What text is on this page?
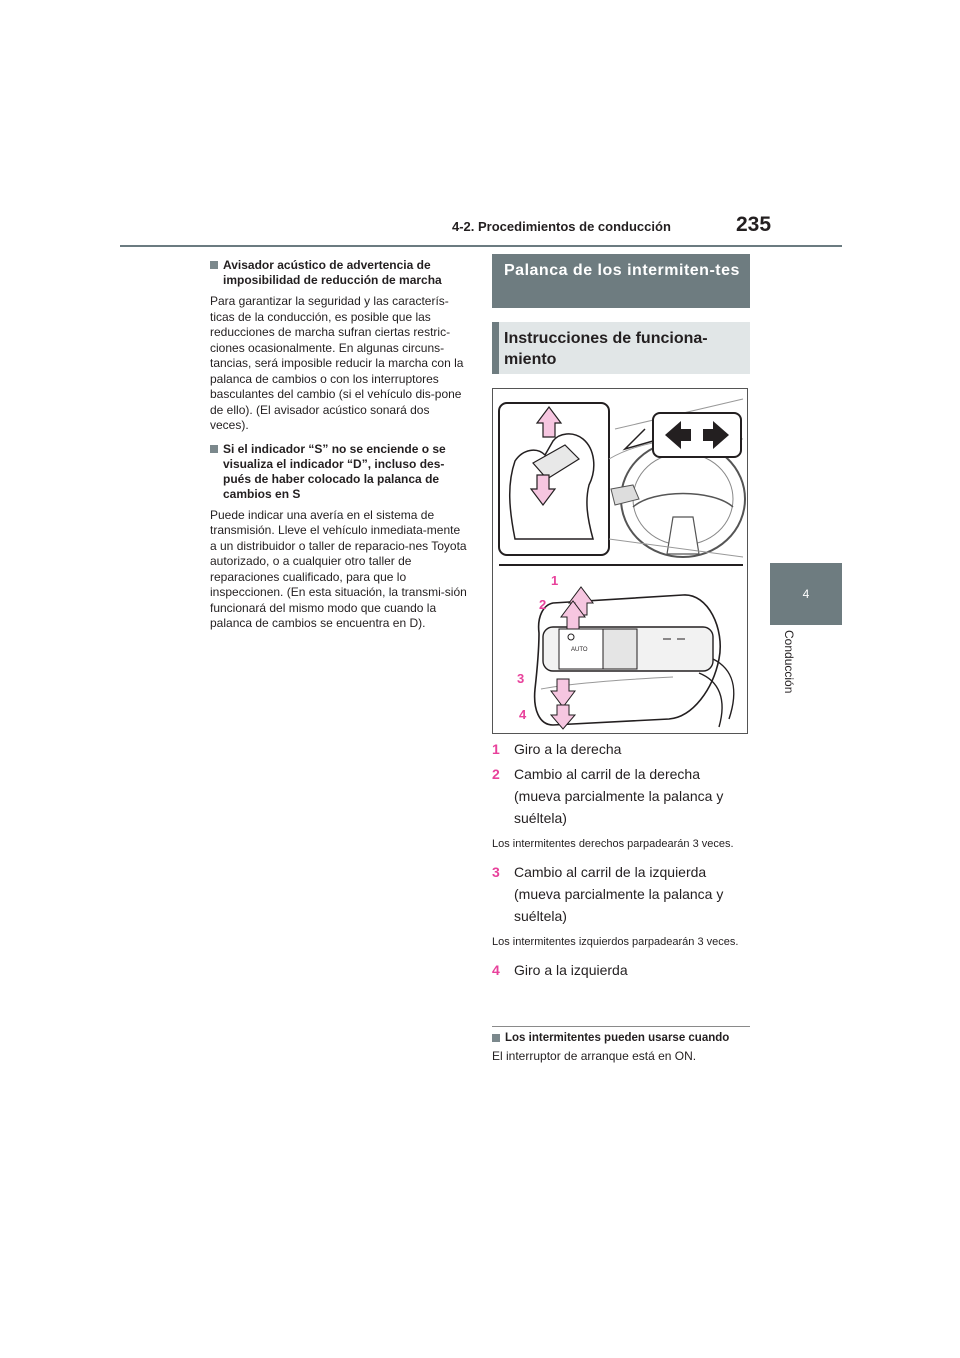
4-2. Procedimientos de conducción	235
4
Conducción
Avisador acústico de advertencia de imposibilidad de reducción de marcha

Para garantizar la seguridad y las caracterís-ticas de la conducción, es posible que las reducciones de marcha sufran ciertas restric-ciones ocasionalmente. En algunas circuns-tancias, será imposible reducir la marcha con la palanca de cambios o con los interruptores basculantes del cambio (si el vehículo dis-pone de ello). (El avisador acústico sonará dos veces).

Si el indicador “S” no se enciende o se visualiza el indicador “D”, incluso des-pués de haber colocado la palanca de cambios en S

Puede indicar una avería en el sistema de transmisión. Lleve el vehículo inmediata-mente a un distribuidor o taller de reparacio-nes Toyota autorizado, o a cualquier otro taller de reparaciones cualificado, para que lo inspeccionen. (En esta situación, la transmi-sión funcionará del mismo modo que cuando la palanca de cambios se encuentra en D).

Palanca de los intermiten-tes
Instrucciones de funciona-miento
AUTO
1
2
3
4
1	Giro a la derecha
2	Cambio al carril de la derecha (mueva parcialmente la palanca y suéltela)

Los intermitentes derechos parpadearán 3 veces.

3	Cambio al carril de la izquierda (mueva parcialmente la palanca y suéltela)

Los intermitentes izquierdos parpadearán 3 veces.

4	Giro a la izquierda
Los intermitentes pueden usarse cuando

El interruptor de arranque está en ON.
